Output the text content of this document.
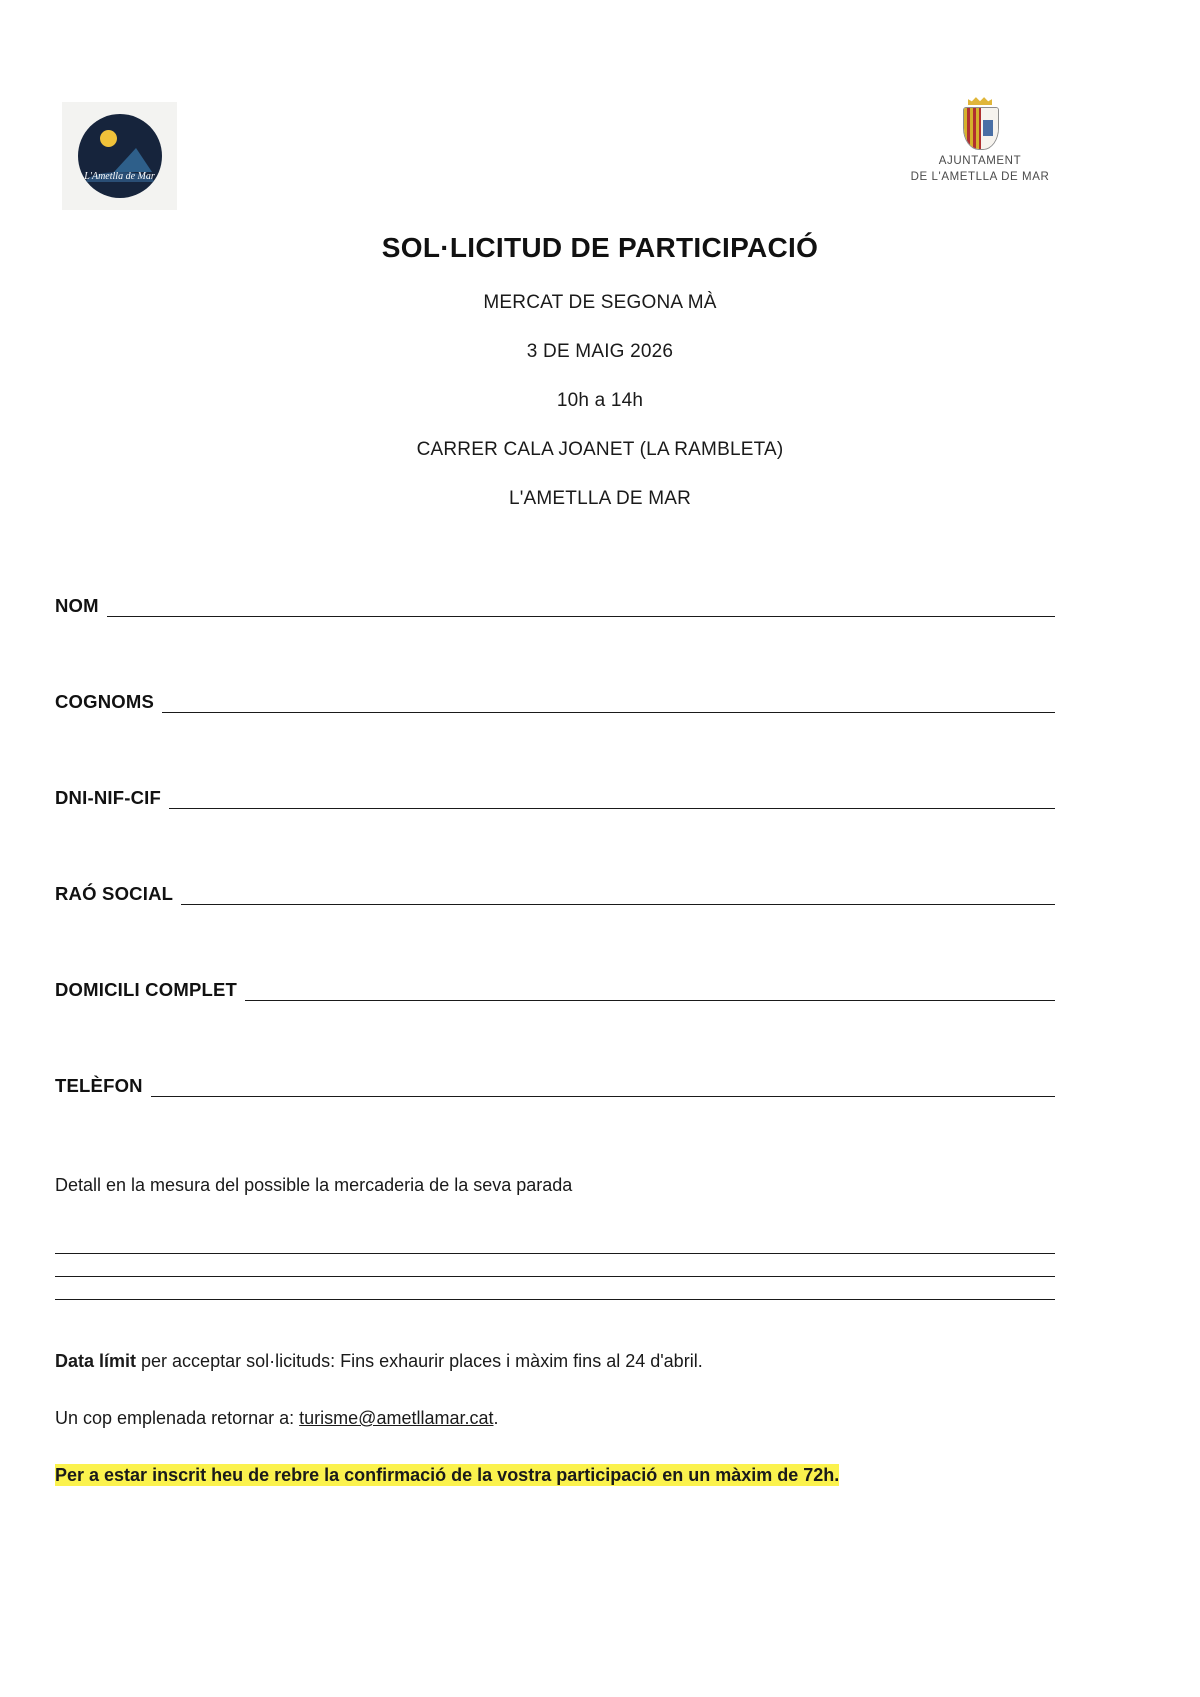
L'Ametlla de Mar
AJUNTAMENT
DE L'AMETLLA DE MAR
SOL·LICITUD DE PARTICIPACIÓ

MERCAT DE SEGONA MÀ

3 DE MAIG 2026

10h a 14h

CARRER CALA JOANET (LA RAMBLETA)

L'AMETLLA DE MAR

NOM
COGNOMS
DNI-NIF-CIF
RAÓ SOCIAL
DOMICILI COMPLET
TELÈFON
Detall en la mesura del possible la mercaderia de la seva parada

Data límit per acceptar sol·licituds: Fins exhaurir places i màxim fins al 24 d'abril.

Un cop emplenada retornar a: turisme@ametllamar.cat.

Per a estar inscrit heu de rebre la confirmació de la vostra participació en un màxim de 72h.
